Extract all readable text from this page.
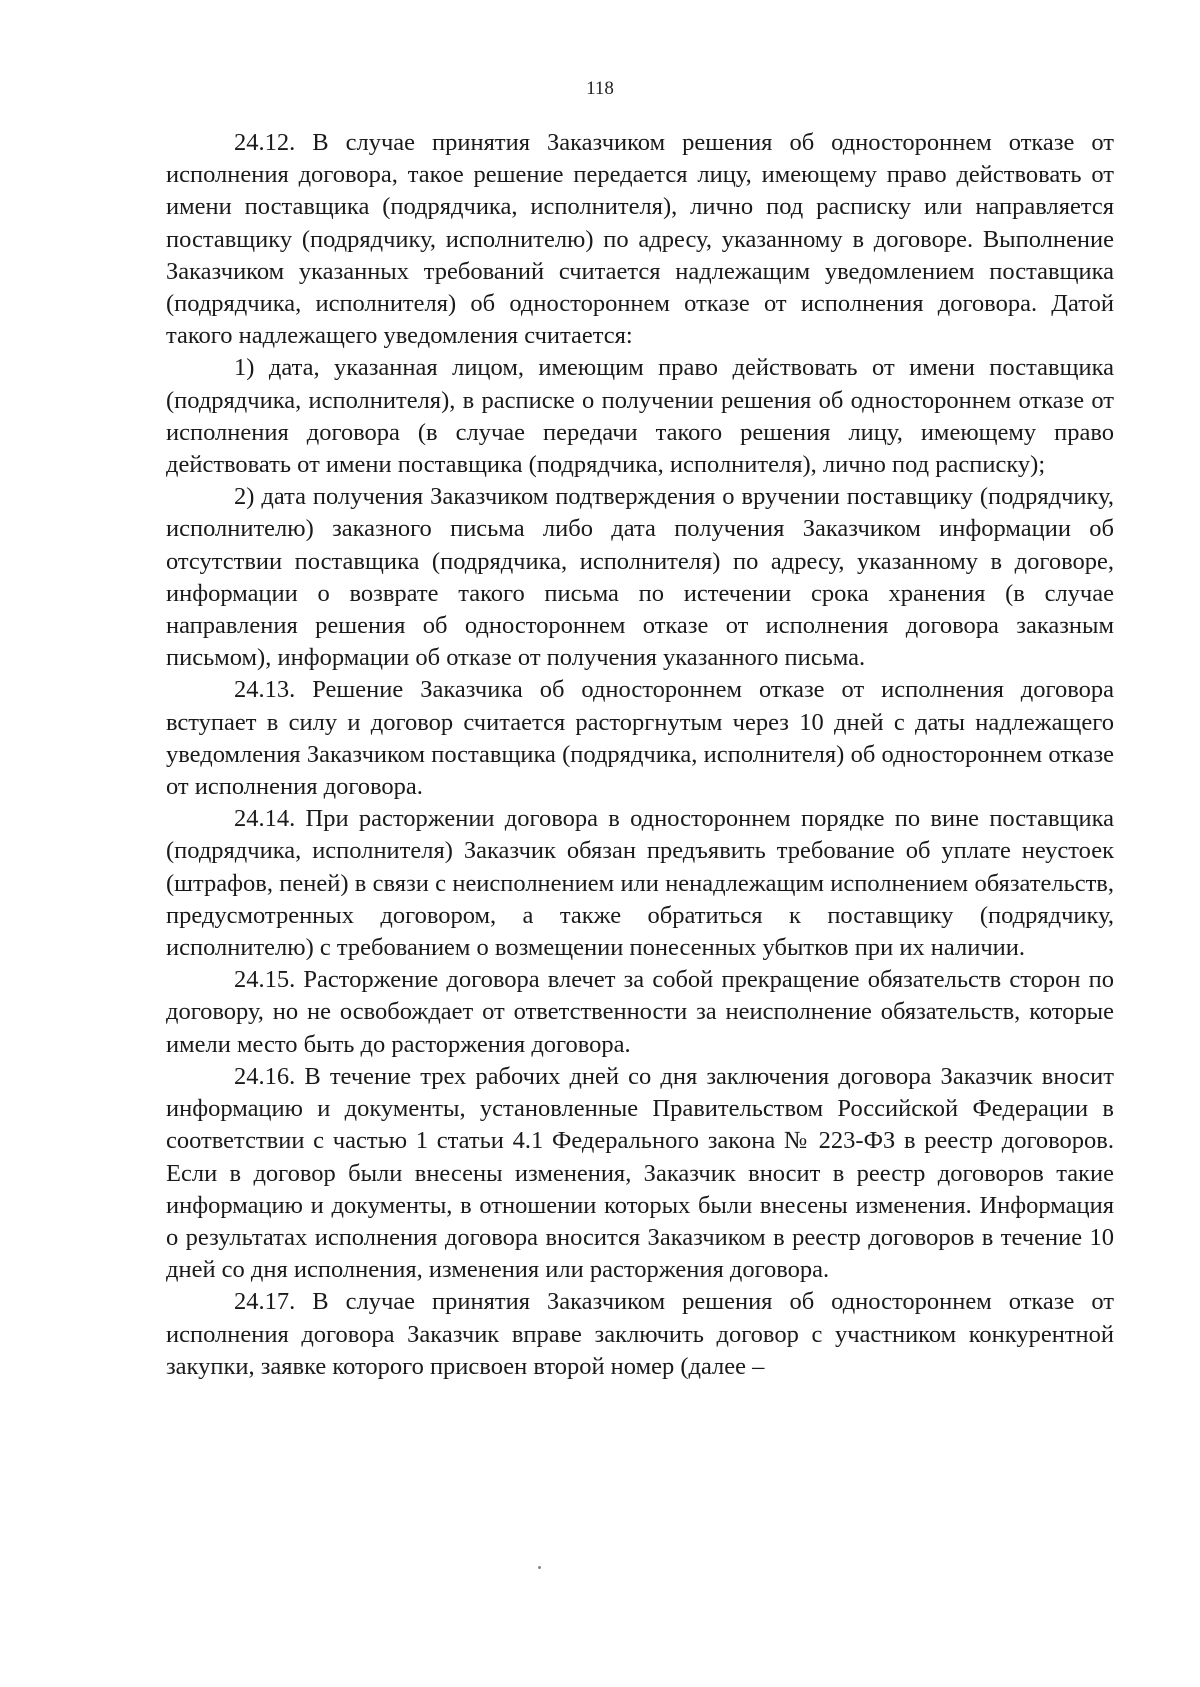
118

24.12. В случае принятия Заказчиком решения об одностороннем отказе от исполнения договора, такое решение передается лицу, имеющему право действовать от имени поставщика (подрядчика, исполнителя), лично под расписку или направляется поставщику (подрядчику, исполнителю) по адресу, указанному в договоре. Выполнение Заказчиком указанных требований считается надлежащим уведомлением поставщика (подрядчика, исполнителя) об одностороннем отказе от исполнения договора. Датой такого надлежащего уведомления считается:

1) дата, указанная лицом, имеющим право действовать от имени поставщика (подрядчика, исполнителя), в расписке о получении решения об одностороннем отказе от исполнения договора (в случае передачи такого решения лицу, имеющему право действовать от имени поставщика (подрядчика, исполнителя), лично под расписку);

2) дата получения Заказчиком подтверждения о вручении поставщику (подрядчику, исполнителю) заказного письма либо дата получения Заказчиком информации об отсутствии поставщика (подрядчика, исполнителя) по адресу, указанному в договоре, информации о возврате такого письма по истечении срока хранения (в случае направления решения об одностороннем отказе от исполнения договора заказным письмом), информации об отказе от получения указанного письма.

24.13. Решение Заказчика об одностороннем отказе от исполнения договора вступает в силу и договор считается расторгнутым через 10 дней с даты надлежащего уведомления Заказчиком поставщика (подрядчика, исполнителя) об одностороннем отказе от исполнения договора.

24.14. При расторжении договора в одностороннем порядке по вине поставщика (подрядчика, исполнителя) Заказчик обязан предъявить требование об уплате неустоек (штрафов, пеней) в связи с неисполнением или ненадлежащим исполнением обязательств, предусмотренных договором, а также обратиться к поставщику (подрядчику, исполнителю) с требованием о возмещении понесенных убытков при их наличии.

24.15. Расторжение договора влечет за собой прекращение обязательств сторон по договору, но не освобождает от ответственности за неисполнение обязательств, которые имели место быть до расторжения договора.

24.16. В течение трех рабочих дней со дня заключения договора Заказчик вносит информацию и документы, установленные Правительством Российской Федерации в соответствии с частью 1 статьи 4.1 Федерального закона № 223-ФЗ в реестр договоров. Если в договор были внесены изменения, Заказчик вносит в реестр договоров такие информацию и документы, в отношении которых были внесены изменения. Информация о результатах исполнения договора вносится Заказчиком в реестр договоров в течение 10 дней со дня исполнения, изменения или расторжения договора.

24.17. В случае принятия Заказчиком решения об одностороннем отказе от исполнения договора Заказчик вправе заключить договор с участником конкурентной закупки, заявке которого присвоен второй номер (далее –
